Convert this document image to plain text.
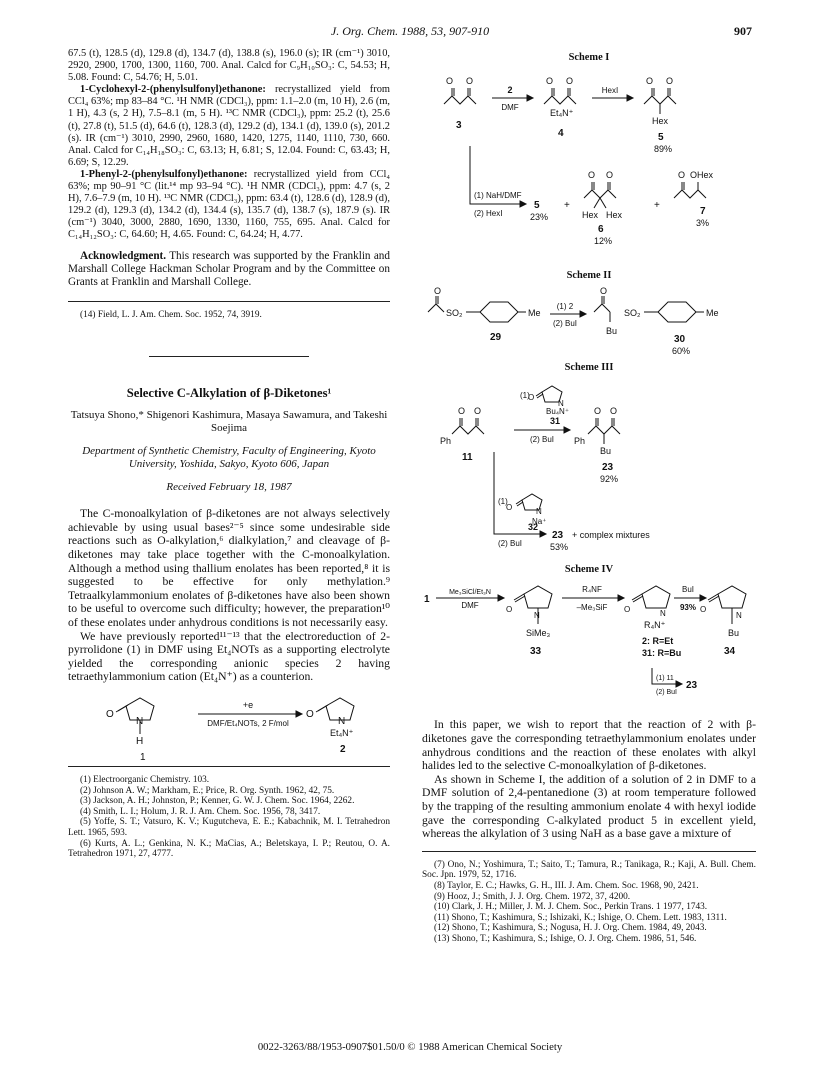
J. Org. Chem. 1988, 53, 907-910	907

67.5 (t), 128.5 (d), 129.8 (d), 134.7 (d), 138.8 (s), 196.0 (s); IR (cm⁻¹) 3010, 2920, 2900, 1700, 1300, 1160, 700. Anal. Calcd for C₉H₁₀SO₃: C, 54.53; H, 5.08. Found: C, 54.76; H, 5.01.

1-Cyclohexyl-2-(phenylsulfonyl)ethanone: recrystallized yield from CCl₄ 63%; mp 83–84 °C. ¹H NMR (CDCl₃), ppm: 1.1–2.0 (m, 10 H), 2.6 (m, 1 H), 4.3 (s, 2 H), 7.5–8.1 (m, 5 H). ¹³C NMR (CDCl₃), ppm: 25.2 (t), 25.6 (t), 27.8 (t), 51.5 (d), 64.6 (t), 128.3 (d), 129.2 (d), 134.1 (d), 139.0 (s), 201.2 (s). IR (cm⁻¹) 3010, 2990, 2960, 1680, 1420, 1275, 1140, 1110, 730, 660. Anal. Calcd for C₁₄H₁₈SO₃: C, 63.13; H, 6.81; S, 12.04. Found: C, 63.43; H, 6.69; S, 12.29.

1-Phenyl-2-(phenylsulfonyl)ethanone: recrystallized yield from CCl₄ 63%; mp 90–91 °C (lit.¹⁴ mp 93–94 °C). ¹H NMR (CDCl₃), ppm: 4.7 (s, 2 H), 7.6–7.9 (m, 10 H). ¹³C NMR (CDCl₃), ppm: 63.4 (t), 128.6 (d), 128.9 (d), 129.2 (d), 129.3 (d), 134.2 (d), 134.4 (s), 135.7 (d), 138.7 (s), 187.9 (s). IR (cm⁻¹) 3040, 3000, 2880, 1690, 1330, 1160, 755, 695. Anal. Calcd for C₁₄H₁₂SO₃: C, 64.60; H, 4.65. Found: C, 64.24; H, 4.77.

Acknowledgment. This research was supported by the Franklin and Marshall College Hackman Scholar Program and by the Committee on Grants at Franklin and Marshall College.

(14) Field, L. J. Am. Chem. Soc. 1952, 74, 3919.

Selective C-Alkylation of β-Diketones¹
Tatsuya Shono,* Shigenori Kashimura, Masaya Sawamura, and Takeshi Soejima
Department of Synthetic Chemistry, Faculty of Engineering, Kyoto University, Yoshida, Sakyo, Kyoto 606, Japan
Received February 18, 1987

The C-monoalkylation of β-diketones are not always selectively achievable by using usual bases²⁻⁵ since some undesirable side reactions such as O-alkylation,⁶ dialkylation,⁷ and cleavage of β-diketones may take place together with the C-monoalkylation. Although a method using thallium enolates has been reported,⁸ it is suggested to be effective for only methylation.⁹ Tetraalkylammonium enolates of β-diketones have also been shown to be useful to overcome such difficulty; however, the preparation¹⁰ of these enolates under anhydrous conditions is not necessarily easy.

We have previously reported¹¹⁻¹³ that the electroreduction of 2-pyrrolidone (1) in DMF using Et₄NOTs as a supporting electrolyte yielded the corresponding anionic species 2 having tetraethylammonium cation (Et₄N⁺) as a counterion.

O
N
H
1
+e
DMF/Et₄NOTs, 2 F/mol
O
N
Et₄N⁺
2

(1) Electroorganic Chemistry. 103.

(2) Johnson A. W.; Markham, E.; Price, R. Org. Synth. 1962, 42, 75.

(3) Jackson, A. H.; Johnston, P.; Kenner, G. W. J. Chem. Soc. 1964, 2262.

(4) Smith, L. I.; Holum, J. R. J. Am. Chem. Soc. 1956, 78, 3417.

(5) Yoffe, S. T.; Vatsuro, K. V.; Kugutcheva, E. E.; Kabachnik, M. I. Tetrahedron Lett. 1965, 593.

(6) Kurts, A. L.; Genkina, N. K.; MaCias, A.; Beletskaya, I. P.; Reutou, O. A. Tetrahedron 1971, 27, 4777.

Scheme I
O O	O O	O O
2
DMF
HexI
3
Et₄N⁺
4
Hex
5
89%
(1) NaH/DMF
(2) HexI
5
23%
+
O O
Hex Hex
6
12%
+
O OHex
7
3%
Scheme II
O
SO₂	Me
(1) 2
(2) BuI
O
Bu
SO₂	Me
29	30
60%
Scheme III
O O
Ph
11
(1)
O
N
Bu₄N⁺
31
(2) BuI
O O
Ph
Bu
23
92%
(1)
O	N
Na⁺
32
(2) BuI
23
53%
+ complex mixtures
Scheme IV
1
Me₃SiCl/Et₃N
DMF	O
N
SiMe₃
33
R₄NF
–Me₃SiF O	N
R₄N⁺
2: R=Et
31: R=Bu
BuI
93% O
N
Bu
34
(1) 11
(2) BuI
23

In this paper, we wish to report that the reaction of 2 with β-diketones gave the corresponding tetraethylammonium enolates under anhydrous conditions and the reaction of these enolates with alkyl halides led to the selective C-monoalkylation of β-diketones.

As shown in Scheme I, the addition of a solution of 2 in DMF to a DMF solution of 2,4-pentanedione (3) at room temperature followed by the trapping of the resulting ammonium enolate 4 with hexyl iodide gave the corresponding C-alkylated product 5 in excellent yield, whereas the alkylation of 3 using NaH as a base gave a mixture of

(7) Ono, N.; Yoshimura, T.; Saito, T.; Tamura, R.; Tanikaga, R.; Kaji, A. Bull. Chem. Soc. Jpn. 1979, 52, 1716.

(8) Taylor, E. C.; Hawks, G. H., III. J. Am. Chem. Soc. 1968, 90, 2421.

(9) Hooz, J.; Smith, J. J. Org. Chem. 1972, 37, 4200.

(10) Clark, J. H.; Miller, J. M. J. Chem. Soc., Perkin Trans. 1 1977, 1743.

(11) Shono, T.; Kashimura, S.; Ishizaki, K.; Ishige, O. Chem. Lett. 1983, 1311.

(12) Shono, T.; Kashimura, S.; Nogusa, H. J. Org. Chem. 1984, 49, 2043.

(13) Shono, T.; Kashimura, S.; Ishige, O. J. Org. Chem. 1986, 51, 546.

0022-3263/88/1953-0907$01.50/0 © 1988 American Chemical Society
